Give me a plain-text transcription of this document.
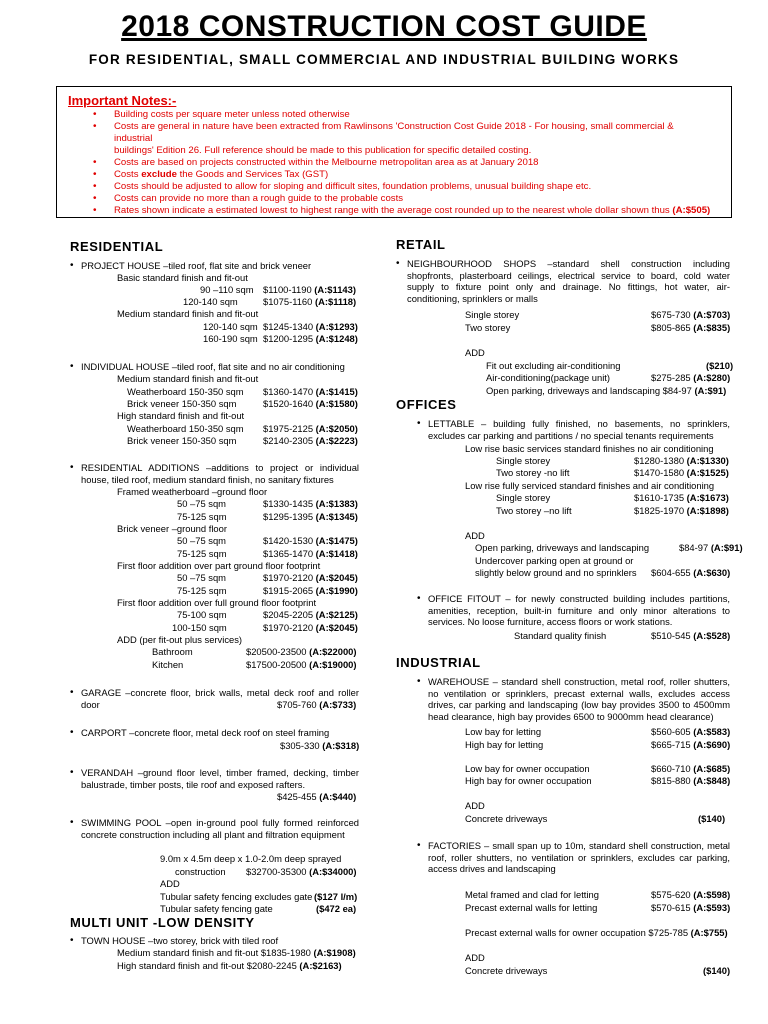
2018 CONSTRUCTION COST GUIDE
FOR RESIDENTIAL, SMALL COMMERCIAL AND INDUSTRIAL BUILDING WORKS
Important Notes:-
• Building costs per square meter unless noted otherwise
• Costs are general in nature have been extracted from Rawlinsons 'Construction Cost Guide 2018 - For housing, small commercial & industrial
buildings' Edition 26. Full reference should be made to this publication for specific detailed costing.
• Costs are based on projects constructed within the Melbourne metropolitan area as at January 2018
• Costs exclude the Goods and Services Tax (GST)
• Costs should be adjusted to allow for sloping and difficult sites, foundation problems, unusual building shape etc.
• Costs can provide no more than a rough guide to the probable costs
• Rates shown indicate a estimated lowest to highest range with the average cost rounded up to the nearest whole dollar shown thus (A:$505)
RESIDENTIAL
• PROJECT HOUSE –tiled roof, flat site and brick veneer
Basic standard finish and fit-out
90 –110 sqm $1100-1190 (A:$1143)
120-140 sqm	$1075-1160 (A:$1118)
Medium standard finish and fit-out
120-140 sqm $1245-1340 (A:$1293)
160-190 sqm $1200-1295 (A:$1248)
• INDIVIDUAL HOUSE –tiled roof, flat site and no air conditioning
Medium standard finish and fit-out
Weatherboard 150-350 sqm $1360-1470 (A:$1415)
Brick veneer 150-350 sqm	$1520-1640 (A:$1580)
High standard finish and fit-out
Weatherboard 150-350 sqm $1975-2125 (A:$2050)
Brick veneer 150-350 sqm	$2140-2305 (A:$2223)
• RESIDENTIAL ADDITIONS –additions to project or individual house, tiled roof, medium standard finish, no sanitary fixtures
Framed weatherboard –ground floor
50 –75 sqm	$1330-1435 (A:$1383)
75-125 sqm	$1295-1395 (A:$1345)
Brick veneer –ground floor
50 –75 sqm	$1420-1530 (A:$1475)
75-125 sqm	$1365-1470 (A:$1418)
First floor addition over part ground floor footprint
50 –75 sqm	$1970-2120 (A:$2045)
75-125 sqm	$1915-2065 (A:$1990)
First floor addition over full ground floor footprint
75-100 sqm	$2045-2205 (A:$2125)
100-150 sqm	$1970-2120 (A:$2045)
ADD (per fit-out plus services)
Bathroom	$20500-23500 (A:$22000)
Kitchen	$17500-20500 (A:$19000)
• GARAGE –concrete floor, brick walls, metal deck roof and roller door	$705-760 (A:$733)
• CARPORT –concrete floor, metal deck roof on steel framing
$305-330 (A:$318)
• VERANDAH –ground floor level, timber framed, decking, timber balustrade, timber posts, tile roof and exposed rafters.
$425-455 (A:$440)
• SWIMMING POOL –open in-ground pool fully formed reinforced concrete construction including all plant and filtration equipment
9.0m x 4.5m deep x 1.0-2.0m deep sprayed
construction $32700-35300 (A:$34000)
ADD
Tubular safety fencing excludes gate ($127 l/m)
Tubular safety fencing gate	($472 ea)
MULTI UNIT -LOW DENSITY
• TOWN HOUSE –two storey, brick with tiled roof
Medium standard finish and fit-out $1835-1980 (A:$1908)
High standard finish and fit-out $2080-2245 (A:$2163)
RETAIL
• NEIGHBOURHOOD SHOPS –standard shell construction including shopfronts, plasterboard ceilings, electrical service to board, cold water supply to fixture point only and drainage. No fittings, hot water, air-conditioning, sprinklers or malls
Single storey	$675-730 (A:$703)
Two storey	$805-865 (A:$835)
ADD
Fit out excluding air-conditioning	($210)
Air-conditioning(package unit)	$275-285 (A:$280)
Open parking, driveways and landscaping $84-97 (A:$91)
OFFICES
• LETTABLE – building fully finished, no basements, no sprinklers, excludes car parking and partitions / no special tenants requirements
Low rise basic services standard finishes no air conditioning
Single storey	$1280-1380 (A:$1330)
Two storey -no lift	$1470-1580 (A:$1525)
Low rise fully serviced standard finishes and air conditioning
Single storey	$1610-1735 (A:$1673)
Two storey –no lift	$1825-1970 (A:$1898)
ADD
Open parking, driveways and landscaping	$84-97 (A:$91)
Undercover parking open at ground or
slightly below ground and no sprinklers $604-655 (A:$630)
• OFFICE FITOUT – for newly constructed building includes partitions, amenities, reception, built-in furniture and only minor alterations to services. No loose furniture, access floors or work stations.
Standard quality finish	$510-545 (A:$528)
INDUSTRIAL
• WAREHOUSE – standard shell construction, metal roof, roller shutters, no ventilation or sprinklers, precast external walls, excludes access drives, car parking and landscaping (low bay provides 3500 to 4500mm head clearance, high bay provides 6500 to 9000mm head clearance)
Low bay for letting	$560-605 (A:$583)
High bay for letting	$665-715 (A:$690)
Low bay for owner occupation	$660-710 (A:$685)
High bay for owner occupation	$815-880 (A:$848)
ADD
Concrete driveways	($140)
• FACTORIES – small span up to 10m, standard shell construction, metal roof, roller shutters, no ventilation or sprinklers, excludes car parking, access drives and landscaping
Metal framed and clad for letting	$575-620 (A:$598)
Precast external walls for letting	$570-615 (A:$593)
Precast external walls for owner occupation $725-785 (A:$755)
ADD
Concrete driveways	($140)
